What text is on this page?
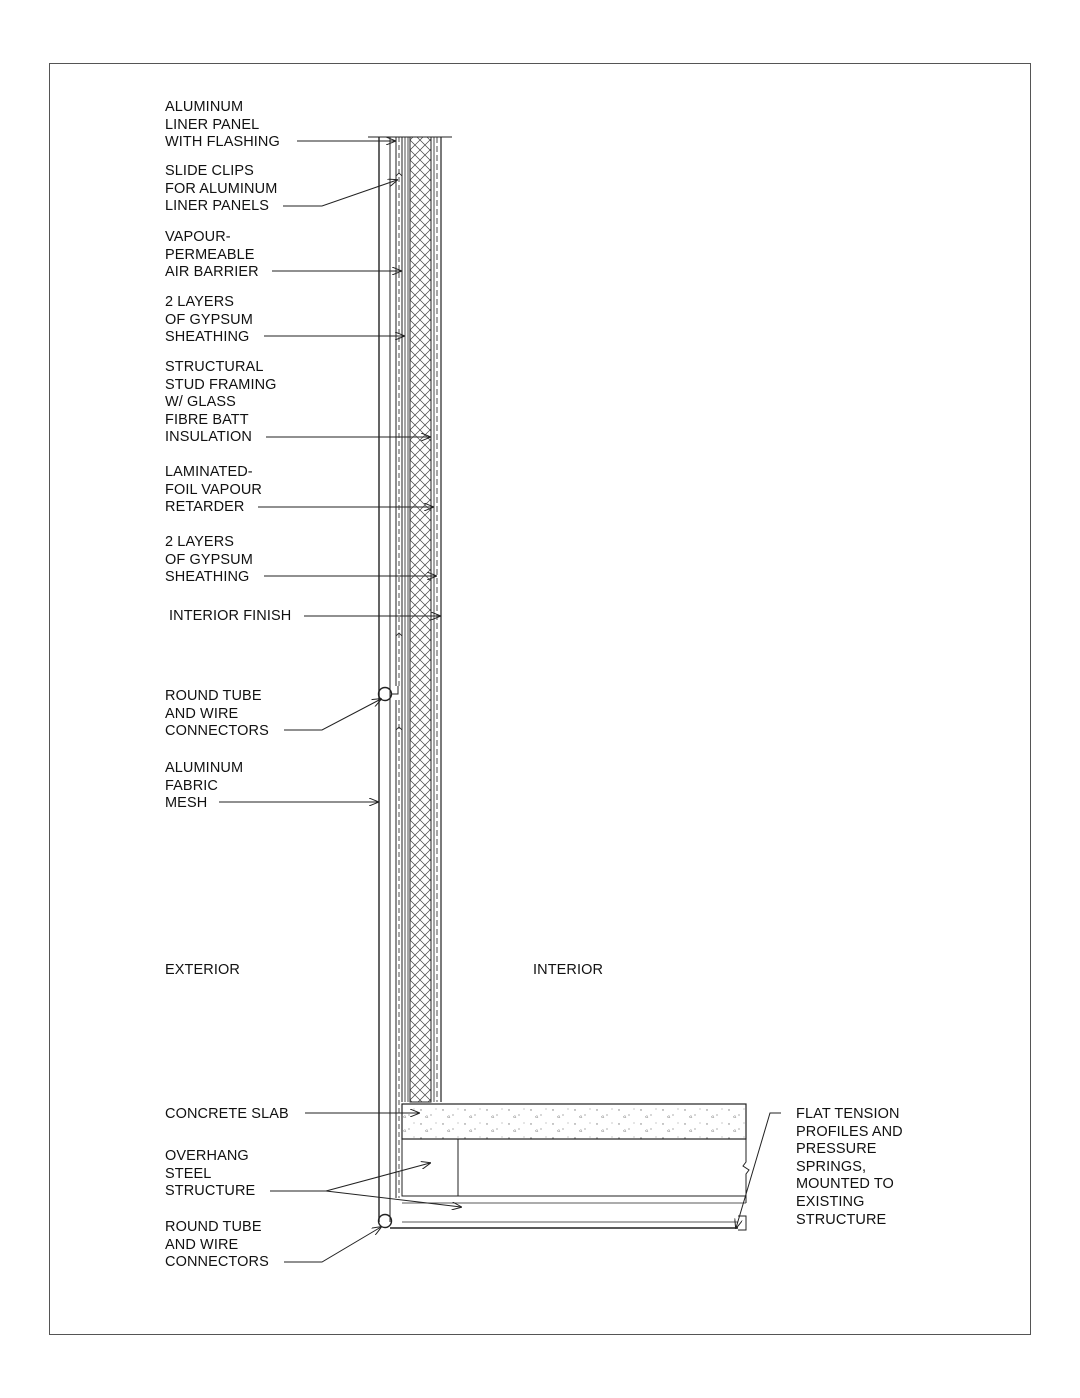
ALUMINUM
LINER PANEL
WITH FLASHING
SLIDE CLIPS
FOR ALUMINUM
LINER PANELS
VAPOUR-
PERMEABLE
AIR BARRIER
2 LAYERS
OF GYPSUM
SHEATHING
STRUCTURAL
STUD FRAMING
W/ GLASS
FIBRE BATT
INSULATION
LAMINATED-
FOIL VAPOUR
RETARDER
2 LAYERS
OF GYPSUM
SHEATHING
INTERIOR FINISH
ROUND TUBE
AND WIRE
CONNECTORS
ALUMINUM
FABRIC
MESH
EXTERIOR	INTERIOR
CONCRETE SLAB
OVERHANG
STEEL
STRUCTURE
ROUND TUBE
AND WIRE
CONNECTORS
FLAT TENSION
PROFILES AND
PRESSURE
SPRINGS,
MOUNTED TO
EXISTING
STRUCTURE
